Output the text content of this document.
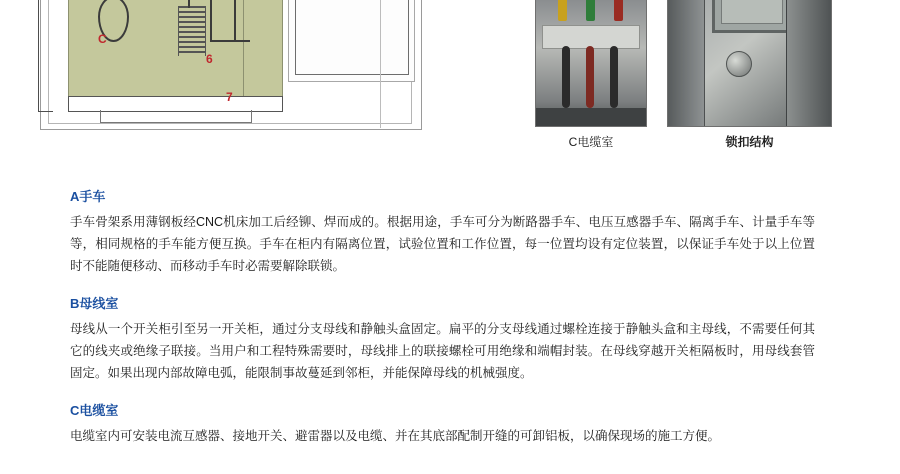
C
6
7
C电缆室	锁扣结构
A手车
手车骨架系用薄钢板经CNC机床加工后经铆、焊而成的。根据用途，手车可分为断路器手车、电压互感器手车、隔离手车、计量手车等等，相同规格的手车能方便互换。手车在柜内有隔离位置，试验位置和工作位置，每一位置均设有定位装置，以保证手车处于以上位置时不能随便移动、而移动手车时必需要解除联锁。
B母线室
母线从一个开关柜引至另一开关柜，通过分支母线和静触头盒固定。扁平的分支母线通过螺栓连接于静触头盒和主母线，不需要任何其它的线夹或绝缘子联接。当用户和工程特殊需要时，母线排上的联接螺栓可用绝缘和端帽封装。在母线穿越开关柜隔板时，用母线套管固定。如果出现内部故障电弧，能限制事故蔓延到邻柜，并能保障母线的机械强度。
C电缆室
电缆室内可安装电流互感器、接地开关、避雷器以及电缆、并在其底部配制开缝的可卸铝板，以确保现场的施工方便。
